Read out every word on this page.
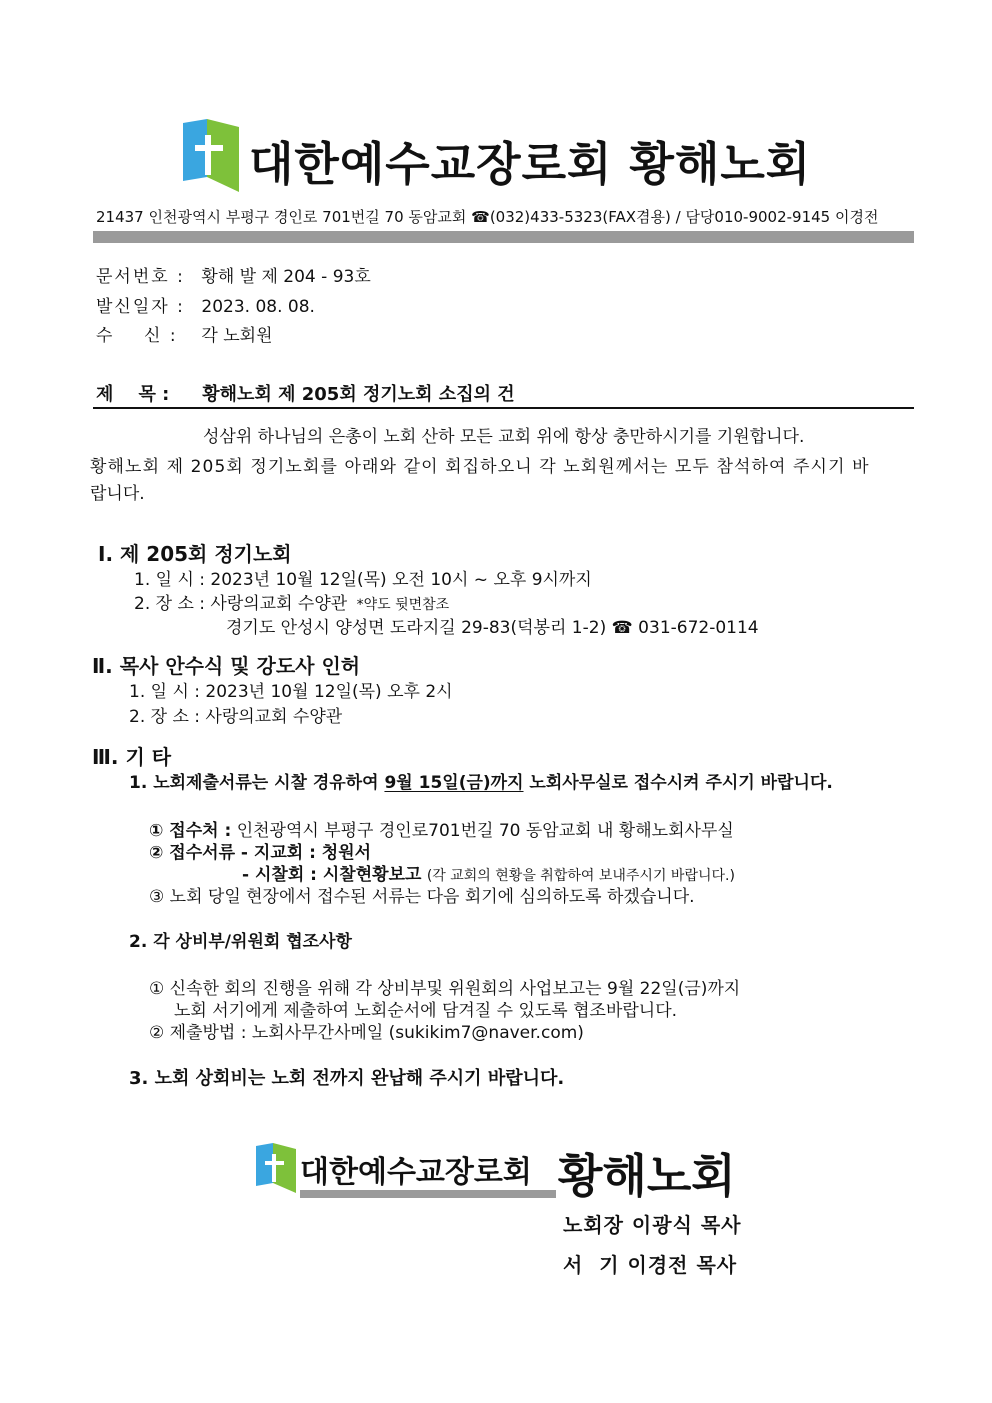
대한예수교장로회 황해노회
21437 인천광역시 부평구 경인로 701번길 70 동암교회 ☎(032)433-5323(FAX겸용) / 담당010-9002-9145 이경전
문서번호 : 황해 발 제 204 - 93호
발신일자 : 2023. 08. 08.
수    신 : 각 노회원
제    목 : 황해노회 제 205회 정기노회 소집의 건
성삼위 하나님의 은총이 노회 산하 모든 교회 위에 항상 충만하시기를 기원합니다.
황해노회 제 205회 정기노회를 아래와 같이 회집하오니 각 노회원께서는 모두 참석하여 주시기 바
랍니다.
Ⅰ. 제 205회 정기노회
1. 일 시 : 2023년 10월 12일(목) 오전 10시 ~ 오후 9시까지
2. 장 소 : 사랑의교회 수양관 *약도 뒷면참조
경기도 안성시 양성면 도라지길 29-83(덕봉리 1-2) ☎ 031-672-0114
Ⅱ. 목사 안수식 및 강도사 인허
1. 일 시 : 2023년 10월 12일(목) 오후 2시
2. 장 소 : 사랑의교회 수양관
Ⅲ. 기 타
1. 노회제출서류는 시찰 경유하여 9월 15일(금)까지 노회사무실로 접수시켜 주시기 바랍니다.
① 접수처 : 인천광역시 부평구 경인로701번길 70 동암교회 내 황해노회사무실
② 접수서류 - 지교회 : 청원서
- 시찰회 : 시찰현황보고 (각 교회의 현황을 취합하여 보내주시기 바랍니다.)
③ 노회 당일 현장에서 접수된 서류는 다음 회기에 심의하도록 하겠습니다.
2. 각 상비부/위원회 협조사항
① 신속한 회의 진행을 위해 각 상비부및 위원회의 사업보고는 9월 22일(금)까지
노회 서기에게 제출하여 노회순서에 담겨질 수 있도록 협조바랍니다.
② 제출방법 : 노회사무간사메일 (sukikim7@naver.com)
3. 노회 상회비는 노회 전까지 완납해 주시기 바랍니다.
대한예수교장로회 황해노회
노회장 이광식 목사
서  기 이경전 목사
